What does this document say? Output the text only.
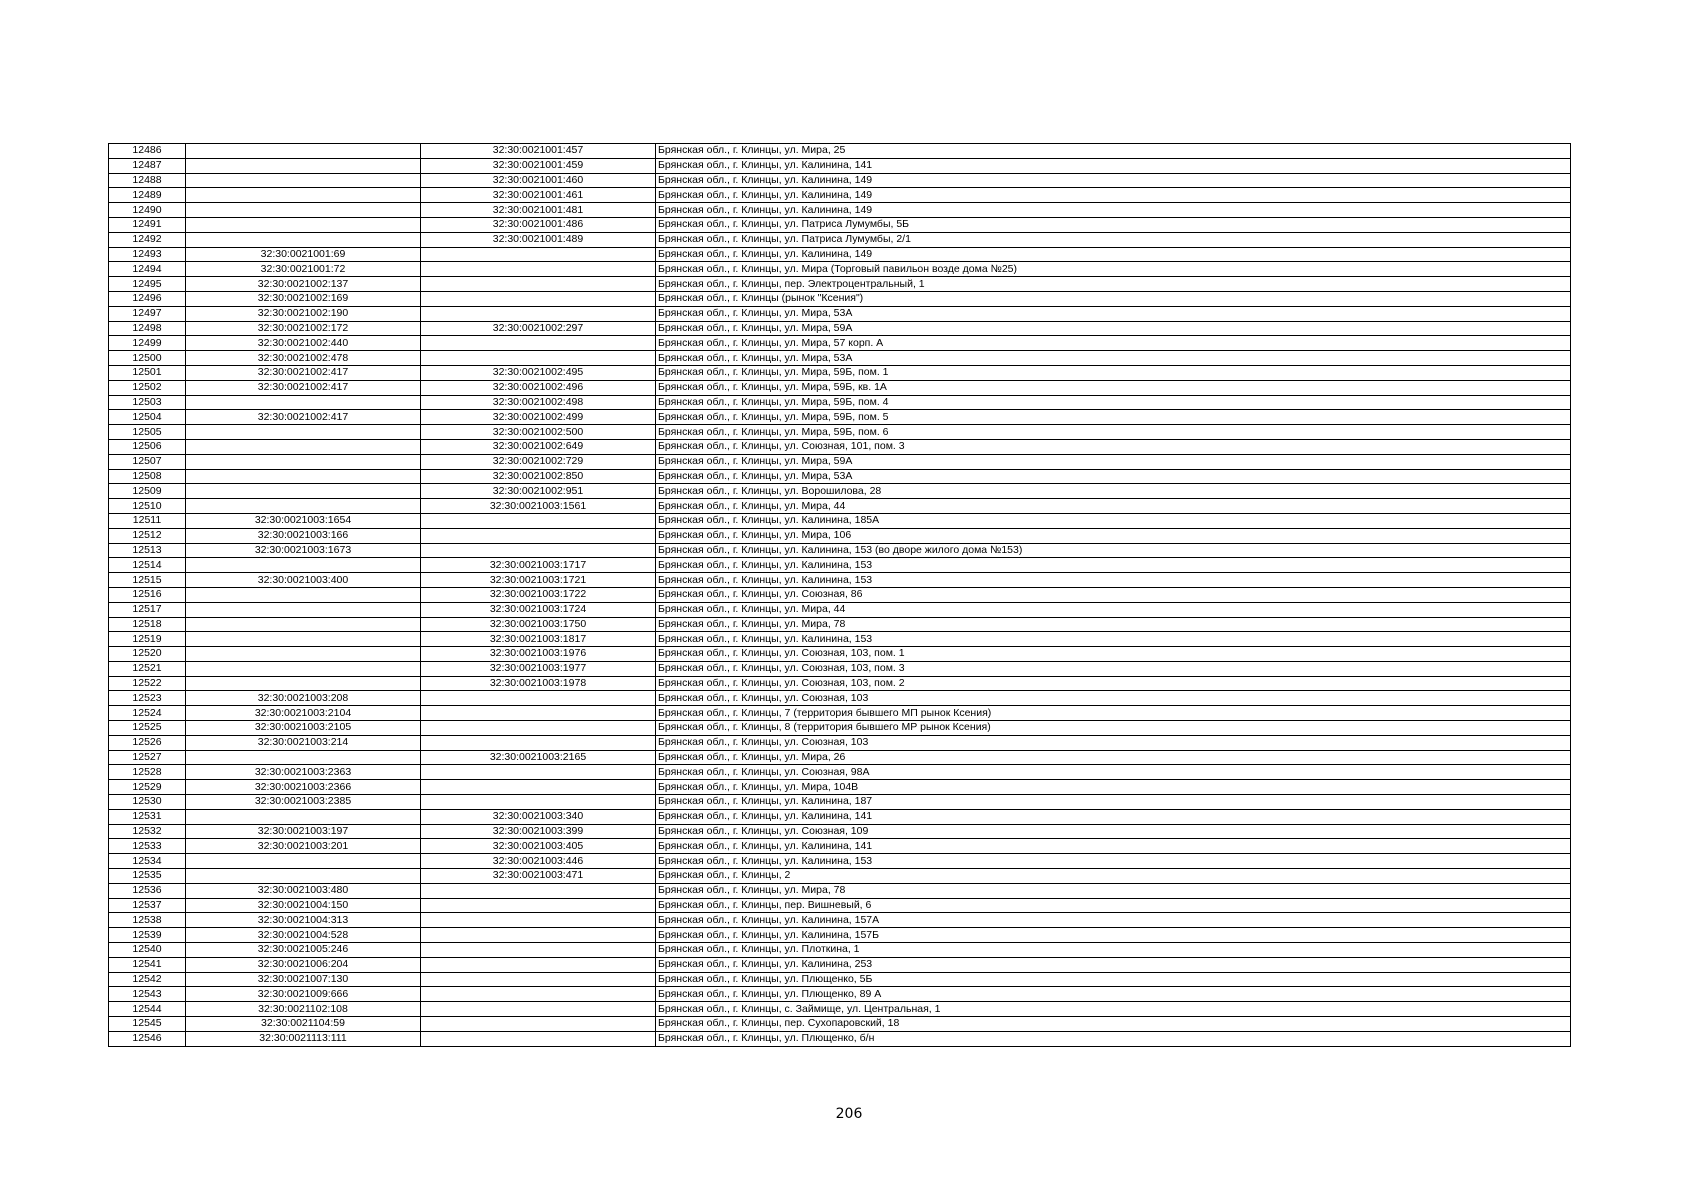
12486		32:30:0021001:457	Брянская обл., г. Клинцы, ул. Мира, 25
12487		32:30:0021001:459	Брянская обл., г. Клинцы, ул. Калинина, 141
12488		32:30:0021001:460	Брянская обл., г. Клинцы, ул. Калинина, 149
12489		32:30:0021001:461	Брянская обл., г. Клинцы, ул. Калинина, 149
12490		32:30:0021001:481	Брянская обл., г. Клинцы, ул. Калинина, 149
12491		32:30:0021001:486	Брянская обл., г. Клинцы, ул. Патриса Лумумбы, 5Б
12492		32:30:0021001:489	Брянская обл., г. Клинцы, ул. Патриса Лумумбы, 2/1
12493	32:30:0021001:69		Брянская обл., г. Клинцы, ул. Калинина, 149
12494	32:30:0021001:72		Брянская обл., г. Клинцы, ул. Мира (Торговый павильон возде дома №25)
12495	32:30:0021002:137		Брянская обл., г. Клинцы, пер. Электроцентральный, 1
12496	32:30:0021002:169		Брянская обл., г. Клинцы (рынок "Ксения")
12497	32:30:0021002:190		Брянская обл., г. Клинцы, ул. Мира, 53А
12498	32:30:0021002:172	32:30:0021002:297	Брянская обл., г. Клинцы, ул. Мира, 59А
12499	32:30:0021002:440		Брянская обл., г. Клинцы, ул. Мира, 57 корп. А
12500	32:30:0021002:478		Брянская обл., г. Клинцы, ул. Мира, 53А
12501	32:30:0021002:417	32:30:0021002:495	Брянская обл., г. Клинцы, ул. Мира, 59Б, пом. 1
12502	32:30:0021002:417	32:30:0021002:496	Брянская обл., г. Клинцы, ул. Мира, 59Б, кв. 1А
12503		32:30:0021002:498	Брянская обл., г. Клинцы, ул. Мира, 59Б, пом. 4
12504	32:30:0021002:417	32:30:0021002:499	Брянская обл., г. Клинцы, ул. Мира, 59Б, пом. 5
12505		32:30:0021002:500	Брянская обл., г. Клинцы, ул. Мира, 59Б, пом. 6
12506		32:30:0021002:649	Брянская обл., г. Клинцы, ул. Союзная, 101, пом. 3
12507		32:30:0021002:729	Брянская обл., г. Клинцы, ул. Мира, 59А
12508		32:30:0021002:850	Брянская обл., г. Клинцы, ул. Мира, 53А
12509		32:30:0021002:951	Брянская обл., г. Клинцы, ул. Ворошилова, 28
12510		32:30:0021003:1561	Брянская обл., г. Клинцы, ул. Мира, 44
12511	32:30:0021003:1654		Брянская обл., г. Клинцы, ул. Калинина, 185А
12512	32:30:0021003:166		Брянская обл., г. Клинцы, ул. Мира, 106
12513	32:30:0021003:1673		Брянская обл., г. Клинцы, ул. Калинина, 153 (во дворе жилого дома №153)
12514		32:30:0021003:1717	Брянская обл., г. Клинцы, ул. Калинина, 153
12515	32:30:0021003:400	32:30:0021003:1721	Брянская обл., г. Клинцы, ул. Калинина, 153
12516		32:30:0021003:1722	Брянская обл., г. Клинцы, ул. Союзная, 86
12517		32:30:0021003:1724	Брянская обл., г. Клинцы, ул. Мира, 44
12518		32:30:0021003:1750	Брянская обл., г. Клинцы, ул. Мира, 78
12519		32:30:0021003:1817	Брянская обл., г. Клинцы, ул. Калинина, 153
12520		32:30:0021003:1976	Брянская обл., г. Клинцы, ул. Союзная, 103, пом. 1
12521		32:30:0021003:1977	Брянская обл., г. Клинцы, ул. Союзная, 103, пом. 3
12522		32:30:0021003:1978	Брянская обл., г. Клинцы, ул. Союзная, 103, пом. 2
12523	32:30:0021003:208		Брянская обл., г. Клинцы, ул. Союзная, 103
12524	32:30:0021003:2104		Брянская обл., г. Клинцы, 7 (территория бывшего МП рынок Ксения)
12525	32:30:0021003:2105		Брянская обл., г. Клинцы, 8 (территория бывшего МР рынок Ксения)
12526	32:30:0021003:214		Брянская обл., г. Клинцы, ул. Союзная, 103
12527		32:30:0021003:2165	Брянская обл., г. Клинцы, ул. Мира, 26
12528	32:30:0021003:2363		Брянская обл., г. Клинцы, ул. Союзная, 98А
12529	32:30:0021003:2366		Брянская обл., г. Клинцы, ул. Мира, 104В
12530	32:30:0021003:2385		Брянская обл., г. Клинцы, ул. Калинина, 187
12531		32:30:0021003:340	Брянская обл., г. Клинцы, ул. Калинина, 141
12532	32:30:0021003:197	32:30:0021003:399	Брянская обл., г. Клинцы, ул. Союзная, 109
12533	32:30:0021003:201	32:30:0021003:405	Брянская обл., г. Клинцы, ул. Калинина, 141
12534		32:30:0021003:446	Брянская обл., г. Клинцы, ул. Калинина, 153
12535		32:30:0021003:471	Брянская обл., г. Клинцы, 2
12536	32:30:0021003:480		Брянская обл., г. Клинцы, ул. Мира, 78
12537	32:30:0021004:150		Брянская обл., г. Клинцы, пер. Вишневый, 6
12538	32:30:0021004:313		Брянская обл., г. Клинцы, ул. Калинина, 157А
12539	32:30:0021004:528		Брянская обл., г. Клинцы, ул. Калинина, 157Б
12540	32:30:0021005:246		Брянская обл., г. Клинцы, ул. Плоткина, 1
12541	32:30:0021006:204		Брянская обл., г. Клинцы, ул. Калинина, 253
12542	32:30:0021007:130		Брянская обл., г. Клинцы, ул. Плющенко, 5Б
12543	32:30:0021009:666		Брянская обл., г. Клинцы, ул. Плющенко, 89 А
12544	32:30:0021102:108		Брянская обл., г. Клинцы, с. Займище, ул. Центральная, 1
12545	32:30:0021104:59		Брянская обл., г. Клинцы, пер. Сухопаровский, 18
12546	32:30:0021113:111		Брянская обл., г. Клинцы, ул. Плющенко, б/н
206
